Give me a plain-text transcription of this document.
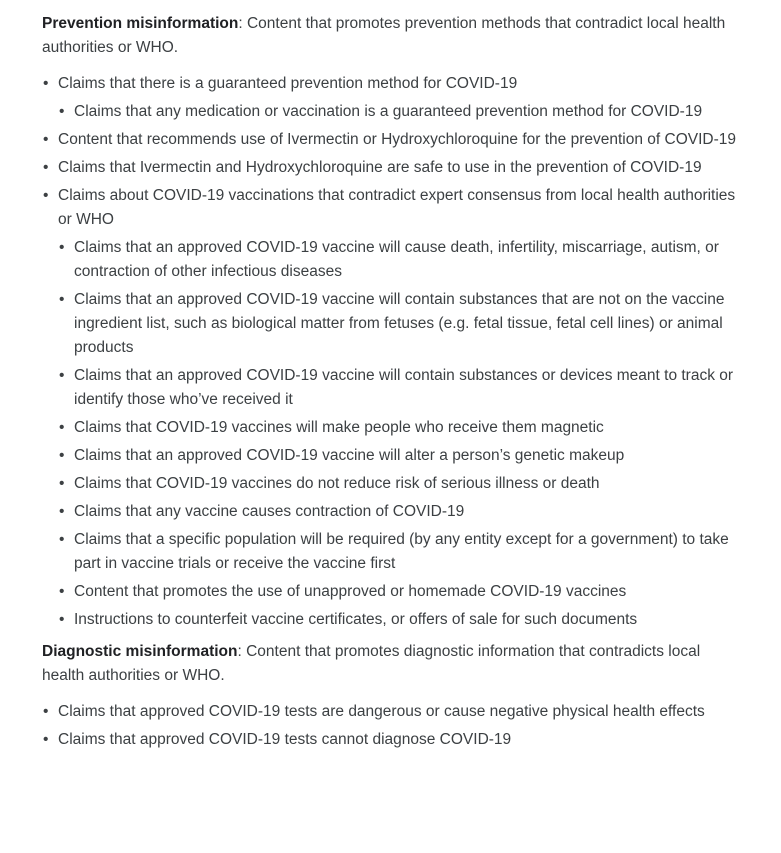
Prevention misinformation: Content that promotes prevention methods that contradict local health authorities or WHO.

• Claims that there is a guaranteed prevention method for COVID-19
• Claims that any medication or vaccination is a guaranteed prevention method for COVID-19
• Content that recommends use of Ivermectin or Hydroxychloroquine for the prevention of COVID-19
• Claims that Ivermectin and Hydroxychloroquine are safe to use in the prevention of COVID-19
• Claims about COVID-19 vaccinations that contradict expert consensus from local health authorities or WHO
• Claims that an approved COVID-19 vaccine will cause death, infertility, miscarriage, autism, or contraction of other infectious diseases
• Claims that an approved COVID-19 vaccine will contain substances that are not on the vaccine ingredient list, such as biological matter from fetuses (e.g. fetal tissue, fetal cell lines) or animal products
• Claims that an approved COVID-19 vaccine will contain substances or devices meant to track or identify those who’ve received it
• Claims that COVID-19 vaccines will make people who receive them magnetic
• Claims that an approved COVID-19 vaccine will alter a person’s genetic makeup
• Claims that COVID-19 vaccines do not reduce risk of serious illness or death
• Claims that any vaccine causes contraction of COVID-19
• Claims that a specific population will be required (by any entity except for a government) to take part in vaccine trials or receive the vaccine first
• Content that promotes the use of unapproved or homemade COVID-19 vaccines
• Instructions to counterfeit vaccine certificates, or offers of sale for such documents

Diagnostic misinformation: Content that promotes diagnostic information that contradicts local health authorities or WHO.

• Claims that approved COVID-19 tests are dangerous or cause negative physical health effects
• Claims that approved COVID-19 tests cannot diagnose COVID-19
